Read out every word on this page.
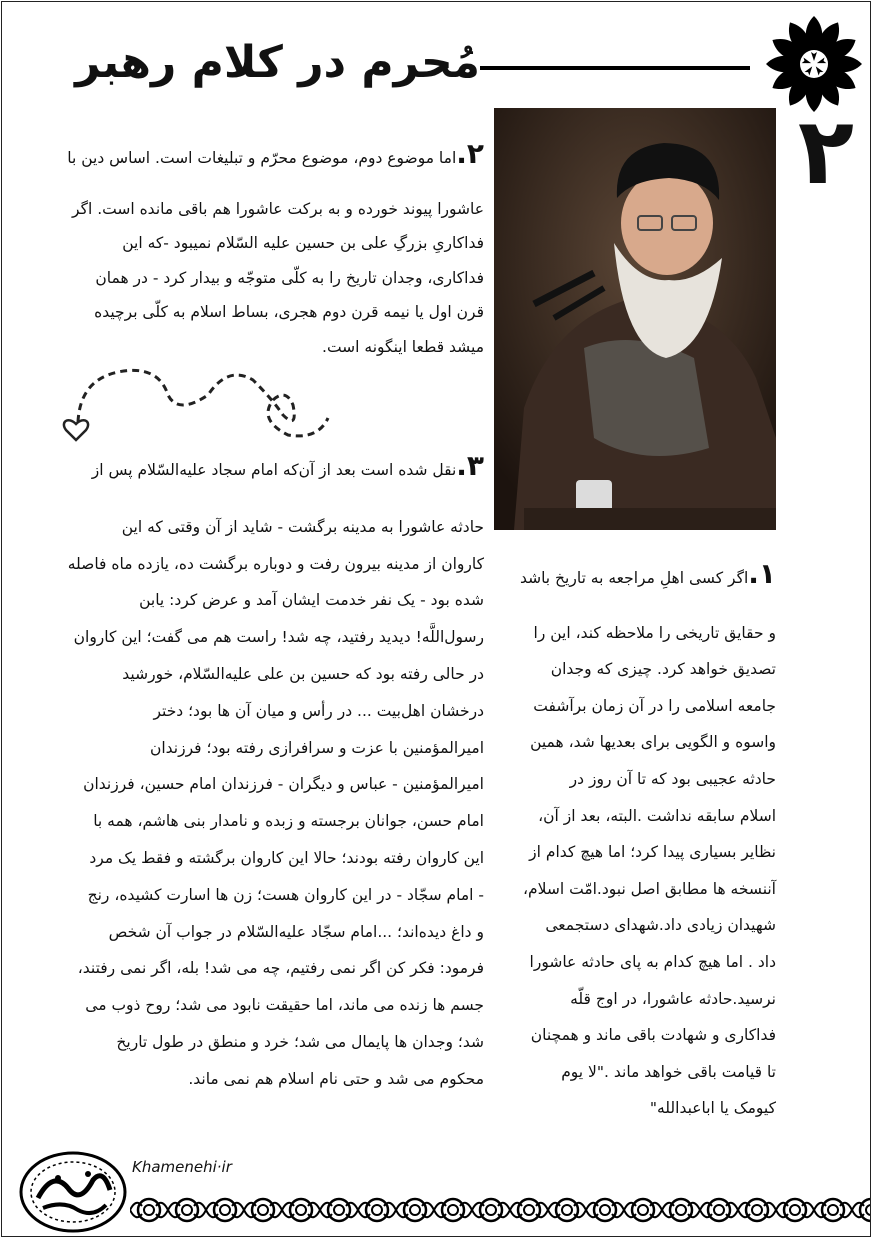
مُحرم در کلام رهبر
۲

۲.اما موضوع دوم، موضوع محرّم و تبلیغات است. اساس دین با

عاشورا پیوند خورده و به برکت عاشورا هم باقی مانده است. اگر

فداکاریِ بزرگِ علی بن حسین علیه السّلام نمیبود -که این

فداکاری، وجدان تاریخ را به کلّی متوجّه و بیدار کرد - در همان

قرن اول یا نیمه قرن دوم هجری، بساط اسلام به کلّی برچیده

میشد قطعا اینگونه است.

۳.نقل شده است بعد از آن‌که امام سجاد علیه‌السّلام پس از

حادثه عاشورا به مدینه برگشت - شاید از آن وقتی که این

کاروان از مدینه بیرون رفت و دوباره برگشت ده، یازده ماه فاصله

شده بود - یک نفر خدمت ایشان آمد و عرض کرد: یابن

رسول‌اللَّه! دیدید رفتید، چه شد! راست هم می گفت؛ این کاروان

در حالی رفته بود که حسین بن علی علیه‌السّلام، خورشید

درخشان اهل‌بیت ... در رأس و میان آن ها بود؛ دختر

امیرالمؤمنین با عزت و سرافرازی رفته بود؛ فرزندان

امیرالمؤمنین - عباس و دیگران - فرزندان امام حسین، فرزندان

امام حسن، جوانان برجسته و زبده و نامدار بنی هاشم، همه با

این کاروان رفته بودند؛ حالا این کاروان برگشته و فقط یک مرد

- امام سجّاد - در این کاروان هست؛ زن ها اسارت کشیده، رنج

و داغ دیده‌اند؛ ...امام سجّاد علیه‌السّلام در جواب آن شخص

فرمود: فکر کن اگر نمی رفتیم، چه می شد! بله، اگر نمی رفتند،

جسم ها زنده می ماند، اما حقیقت نابود می شد؛ روح ذوب می

شد؛ وجدان ها پایمال می شد؛ خرد و منطق در طول تاریخ

محکوم می شد و حتی نام اسلام هم نمی ماند.

۱.اگر کسی اهلِ مراجعه به تاریخ باشد

و حقایق تاریخی را ملاحظه کند، این را

تصدیق خواهد کرد. چیزی که وجدان

جامعه اسلامی را در آن زمان برآشفت

واسوه و الگویی برای بعدیها شد، همین

حادثه عجیبی بود که تا آن روز در

اسلام سابقه نداشت .البته، بعد از آن،

نظایر بسیاری پیدا کرد؛ اما هیچ کدام از

آننسخه ها مطابق اصل نبود.امّت اسلام،

شهیدان زیادی داد.شهدای دستجمعی

داد . اما هیچ کدام به پای حادثه عاشورا

نرسید.حادثه عاشورا، در اوج قلّه

فداکاری و شهادت باقی ماند و همچنان

تا قیامت باقی خواهد ماند ."لا یوم

کیومک یا اباعبدالله"

Khamenehi·ir
